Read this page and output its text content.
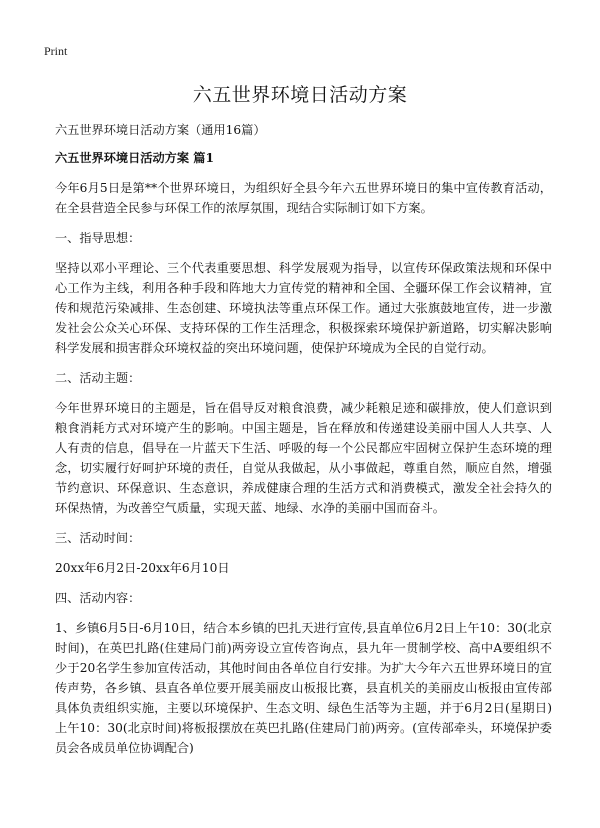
Print
六五世界环境日活动方案

六五世界环境日活动方案（通用16篇）

六五世界环境日活动方案 篇1

今年6月5日是第**个世界环境日，为组织好全县今年六五世界环境日的集中宣传教育活动，在全县营造全民参与环保工作的浓厚氛围，现结合实际制订如下方案。

一、指导思想：

坚持以邓小平理论、三个代表重要思想、科学发展观为指导，以宣传环保政策法规和环保中心工作为主线，利用各种手段和阵地大力宣传党的精神和全国、全疆环保工作会议精神，宣传和规范污染减排、生态创建、环境执法等重点环保工作。通过大张旗鼓地宣传，进一步激发社会公众关心环保、支持环保的工作生活理念，积极探索环境保护新道路，切实解决影响科学发展和损害群众环境权益的突出环境问题，使保护环境成为全民的自觉行动。

二、活动主题：

今年世界环境日的主题是，旨在倡导反对粮食浪费，减少耗粮足迹和碳排放，使人们意识到粮食消耗方式对环境产生的影响。中国主题是，旨在释放和传递建设美丽中国人人共享、人人有责的信息，倡导在一片蓝天下生活、呼吸的每一个公民都应牢固树立保护生态环境的理念，切实履行好呵护环境的责任，自觉从我做起，从小事做起，尊重自然，顺应自然，增强节约意识、环保意识、生态意识，养成健康合理的生活方式和消费模式，激发全社会持久的环保热情，为改善空气质量，实现天蓝、地绿、水净的美丽中国而奋斗。

三、活动时间：

20xx年6月2日-20xx年6月10日

四、活动内容：

1、乡镇6月5日-6月10日，结合本乡镇的巴扎天进行宣传,县直单位6月2日上午10：30(北京时间)，在英巴扎路(住建局门前)两旁设立宣传咨询点，县九年一贯制学校、高中A要组织不少于20名学生参加宣传活动，其他时间由各单位自行安排。为扩大今年六五世界环境日的宣传声势，各乡镇、县直各单位要开展美丽皮山板报比赛，县直机关的美丽皮山板报由宣传部具体负责组织实施，主要以环境保护、生态文明、绿色生活等为主题，并于6月2日(星期日)上午10：30(北京时间)将板报摆放在英巴扎路(住建局门前)两旁。(宣传部牵头，环境保护委员会各成员单位协调配合)
